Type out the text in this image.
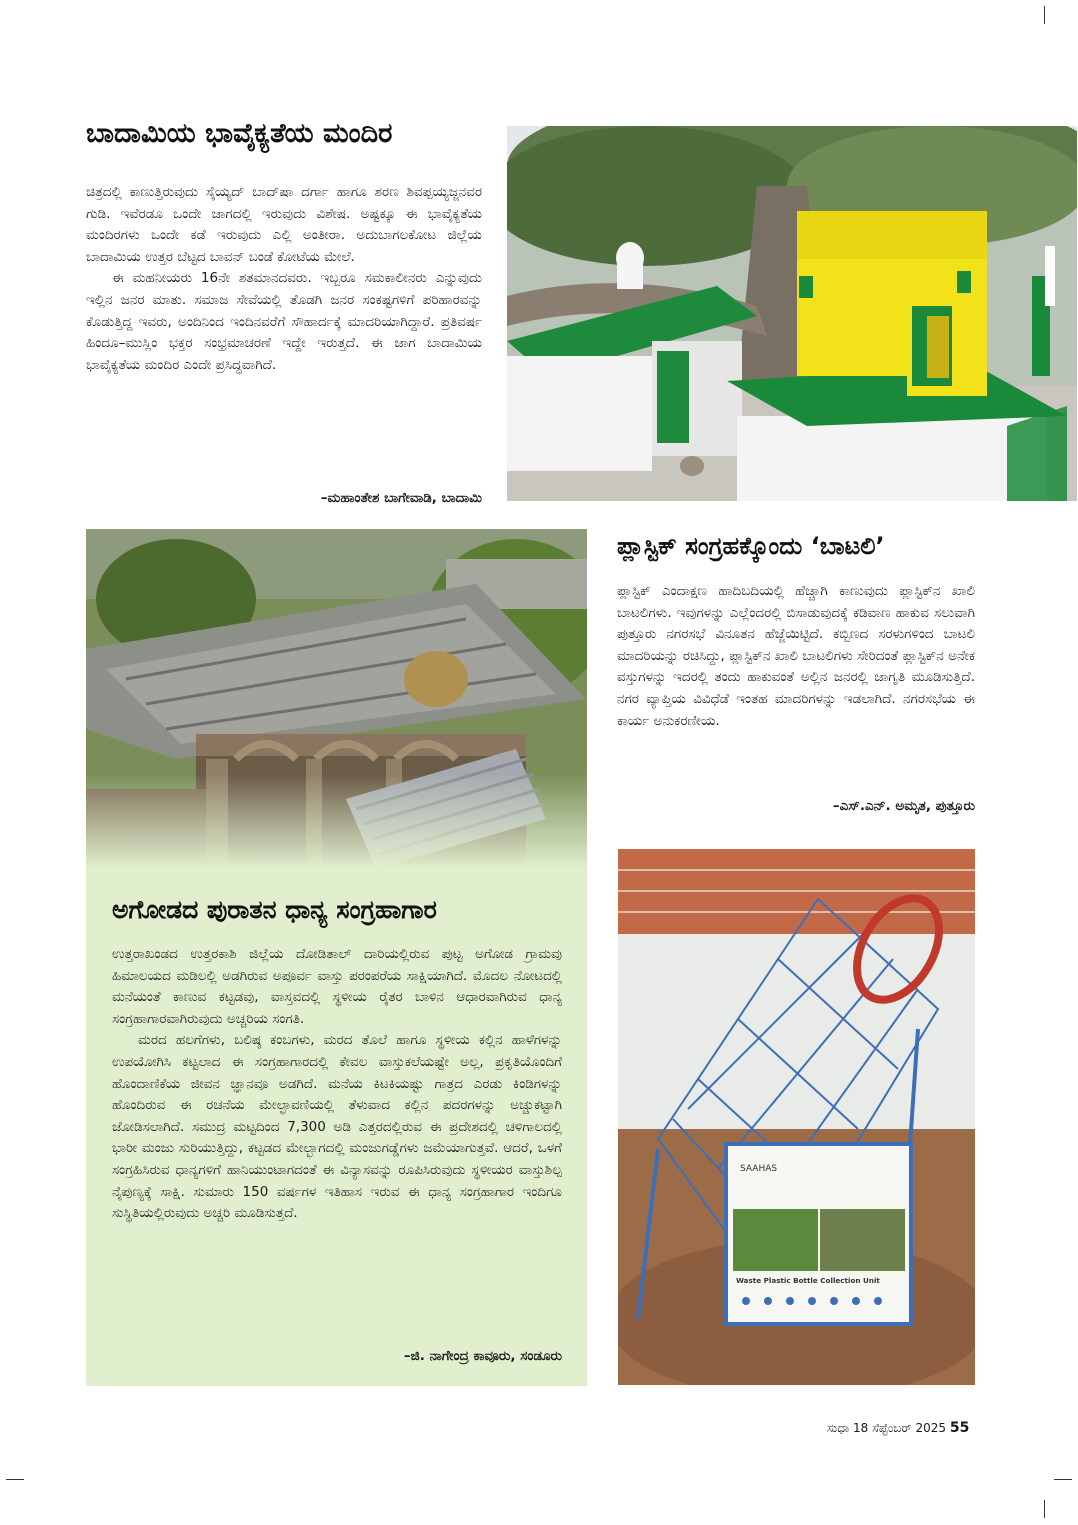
ಬಾದಾಮಿಯ ಭಾವೈಕ್ಯತೆಯ ಮಂದಿರ

ಚಿತ್ರದಲ್ಲಿ ಕಾಣುತ್ತಿರುವುದು ಸೈಯ್ಯದ್ ಬಾದ್‌ಷಾ ದರ್ಗಾ ಹಾಗೂ ಶರಣ ಶಿವಪ್ಪಯ್ಯಜ್ಜನವರ ಗುಡಿ. ಇವೆರಡೂ ಒಂದೇ ಜಾಗದಲ್ಲಿ ಇರುವುದು ವಿಶೇಷ. ಅಷ್ಟಕ್ಕೂ ಈ ಭಾವೈಕ್ಯತೆಯ ಮಂದಿರಗಳು ಒಂದೇ ಕಡೆ ಇರುವುದು ಎಲ್ಲಿ ಅಂತೀರಾ. ಅದುಬಾಗಲಕೋಟ ಜಿಲ್ಲೆಯ ಬಾದಾಮಿಯ ಉತ್ತರ ಬೆಟ್ಟದ ಬಾವನ್ ಬಂಡೆ ಕೋಟೆಯ ಮೇಲೆ.

ಈ ಮಹನೀಯರು 16ನೇ ಶತಮಾನದವರು. ಇಬ್ಬರೂ ಸಮಕಾಲೀನರು ಎನ್ನುವುದು ಇಲ್ಲಿನ ಜನರ ಮಾತು. ಸಮಾಜ ಸೇವೆಯಲ್ಲಿ ತೊಡಗಿ ಜನರ ಸಂಕಷ್ಟಗಳಿಗೆ ಪರಿಹಾರವನ್ನು ಕೊಡುತ್ತಿದ್ದ ಇವರು, ಅಂದಿನಿಂದ ಇಂದಿನವರೆಗೆ ಸೌಹಾರ್ದಕ್ಕೆ ಮಾದರಿಯಾಗಿದ್ದಾರೆ. ಪ್ರತಿವರ್ಷ ಹಿಂದೂ–ಮುಸ್ಲಿಂ ಭಕ್ತರ ಸಂಭ್ರಮಾಚರಣೆ ಇದ್ದೇ ಇರುತ್ತದೆ. ಈ ಜಾಗ ಬಾದಾಮಿಯ ಭಾವೈಕ್ಯತೆಯ ಮಂದಿರ ಎಂದೇ ಪ್ರಸಿದ್ಧವಾಗಿದೆ.

–ಮಹಾಂತೇಶ ಬಾಗೇವಾಡಿ, ಬಾದಾಮಿ
ಅಗೋಡದ ಪುರಾತನ ಧಾನ್ಯ ಸಂಗ್ರಹಾಗಾರ

ಉತ್ತರಾಖಂಡದ ಉತ್ತರಕಾಶಿ ಜಿಲ್ಲೆಯ ದೋಡಿತಾಲ್ ದಾರಿಯಲ್ಲಿರುವ ಪುಟ್ಟ ಅಗೋಡ ಗ್ರಾಮವು ಹಿಮಾಲಯದ ಮಡಿಲಲ್ಲಿ ಅಡಗಿರುವ ಅಪೂರ್ವ ವಾಸ್ತು ಪರಂಪರೆಯ ಸಾಕ್ಷಿಯಾಗಿದೆ. ಮೊದಲ ನೋಟದಲ್ಲಿ ಮನೆಯಂತೆ ಕಾಣುವ ಕಟ್ಟಡವು, ವಾಸ್ತವದಲ್ಲಿ ಸ್ಥಳೀಯ ರೈತರ ಬಾಳಿನ ಆಧಾರವಾಗಿರುವ ಧಾನ್ಯ ಸಂಗ್ರಹಾಗಾರವಾಗಿರುವುದು ಅಚ್ಚರಿಯ ಸಂಗತಿ.

ಮರದ ಹಲಗೆಗಳು, ಬಲಿಷ್ಠ ಕಂಬಗಳು, ಮರದ ತೊಲೆ ಹಾಗೂ ಸ್ಥಳೀಯ ಕಲ್ಲಿನ ಹಾಳೆಗಳನ್ನು ಉಪಯೋಗಿಸಿ ಕಟ್ಟಲಾದ ಈ ಸಂಗ್ರಹಾಗಾರದಲ್ಲಿ ಕೇವಲ ವಾಸ್ತುಕಲೆಯಷ್ಟೇ ಅಲ್ಲ, ಪ್ರಕೃತಿಯೊಂದಿಗೆ ಹೊಂದಾಣಿಕೆಯ ಜೀವನ ಜ್ಞಾನವೂ ಅಡಗಿದೆ. ಮನೆಯ ಕಿಟಕಿಯಷ್ಟು ಗಾತ್ರದ ಎರಡು ಕಿಂಡಿಗಳನ್ನು ಹೊಂದಿರುವ ಈ ರಚನೆಯ ಮೇಲ್ಛಾವಣಿಯಲ್ಲಿ ತೆಳುವಾದ ಕಲ್ಲಿನ ಪದರಗಳನ್ನು ಅಚ್ಚುಕಟ್ಟಾಗಿ ಜೋಡಿಸಲಾಗಿದೆ. ಸಮುದ್ರ ಮಟ್ಟದಿಂದ 7,300 ಅಡಿ ಎತ್ತರದಲ್ಲಿರುವ ಈ ಪ್ರದೇಶದಲ್ಲಿ ಚಳಿಗಾಲದಲ್ಲಿ ಭಾರೀ ಮಂಜು ಸುರಿಯುತ್ತಿದ್ದು, ಕಟ್ಟಡದ ಮೇಲ್ಭಾಗದಲ್ಲಿ ಮಂಜುಗಡ್ಡೆಗಳು ಜಮೆಯಾಗುತ್ತವೆ. ಆದರೆ, ಒಳಗೆ ಸಂಗ್ರಹಿಸಿರುವ ಧಾನ್ಯಗಳಿಗೆ ಹಾನಿಯುಂಟಾಗದಂತೆ ಈ ವಿನ್ಯಾಸವನ್ನು ರೂಪಿಸಿರುವುದು ಸ್ಥಳೀಯರ ವಾಸ್ತುಶಿಲ್ಪ ನೈಪುಣ್ಯಕ್ಕೆ ಸಾಕ್ಷಿ. ಸುಮಾರು 150 ವರ್ಷಗಳ ಇತಿಹಾಸ ಇರುವ ಈ ಧಾನ್ಯ ಸಂಗ್ರಹಾಗಾರ ಇಂದಿಗೂ ಸುಸ್ಥಿತಿಯಲ್ಲಿರುವುದು ಅಚ್ಚರಿ ಮೂಡಿಸುತ್ತದೆ.

–ಜಿ. ನಾಗೇಂದ್ರ ಕಾವೂರು, ಸಂಡೂರು
ಪ್ಲಾಸ್ಟಿಕ್ ಸಂಗ್ರಹಕ್ಕೊಂದು ‘ಬಾಟಲಿ’

ಪ್ಲಾಸ್ಟಿಕ್ ಎಂದಾಕ್ಷಣ ಹಾದಿಬದಿಯಲ್ಲಿ ಹೆಚ್ಚಾಗಿ ಕಾಣುವುದು ಪ್ಲಾಸ್ಟಿಕ್‌ನ ಖಾಲಿ ಬಾಟಲಿಗಳು. ಇವುಗಳನ್ನು ಎಲ್ಲೆಂದರಲ್ಲಿ ಬಿಸಾಡುವುದಕ್ಕೆ ಕಡಿವಾಣ ಹಾಕುವ ಸಲುವಾಗಿ ಪುತ್ತೂರು ನಗರಸಭೆ ವಿನೂತನ ಹೆಜ್ಜೆಯಿಟ್ಟಿದೆ. ಕಬ್ಬಿಣದ ಸರಳುಗಳಿಂದ ಬಾಟಲಿ ಮಾದರಿಯನ್ನು ರಚಿಸಿದ್ದು, ಪ್ಲಾಸ್ಟಿಕ್‌ನ ಖಾಲಿ ಬಾಟಲಿಗಳು ಸೇರಿದಂತೆ ಪ್ಲಾಸ್ಟಿಕ್‌ನ ಅನೇಕ ವಸ್ತುಗಳನ್ನು ಇದರಲ್ಲಿ ತಂದು ಹಾಕುವಂತೆ ಅಲ್ಲಿನ ಜನರಲ್ಲಿ ಜಾಗೃತಿ ಮೂಡಿಸುತ್ತಿದೆ. ನಗರ ವ್ಯಾಪ್ತಿಯ ವಿವಿಧೆಡೆ ಇಂತಹ ಮಾದರಿಗಳನ್ನು ಇಡಲಾಗಿದೆ. ನಗರಸಭೆಯ ಈ ಕಾರ್ಯ ಅನುಕರಣೀಯ.

–ಎಸ್.ಎನ್. ಅಮೃತ, ಪುತ್ತೂರು
SAAHAS
Waste Plastic Bottle Collection Unit
ಸುಧಾ 18 ಸೆಪ್ಟೆಂಬರ್ 2025 55
